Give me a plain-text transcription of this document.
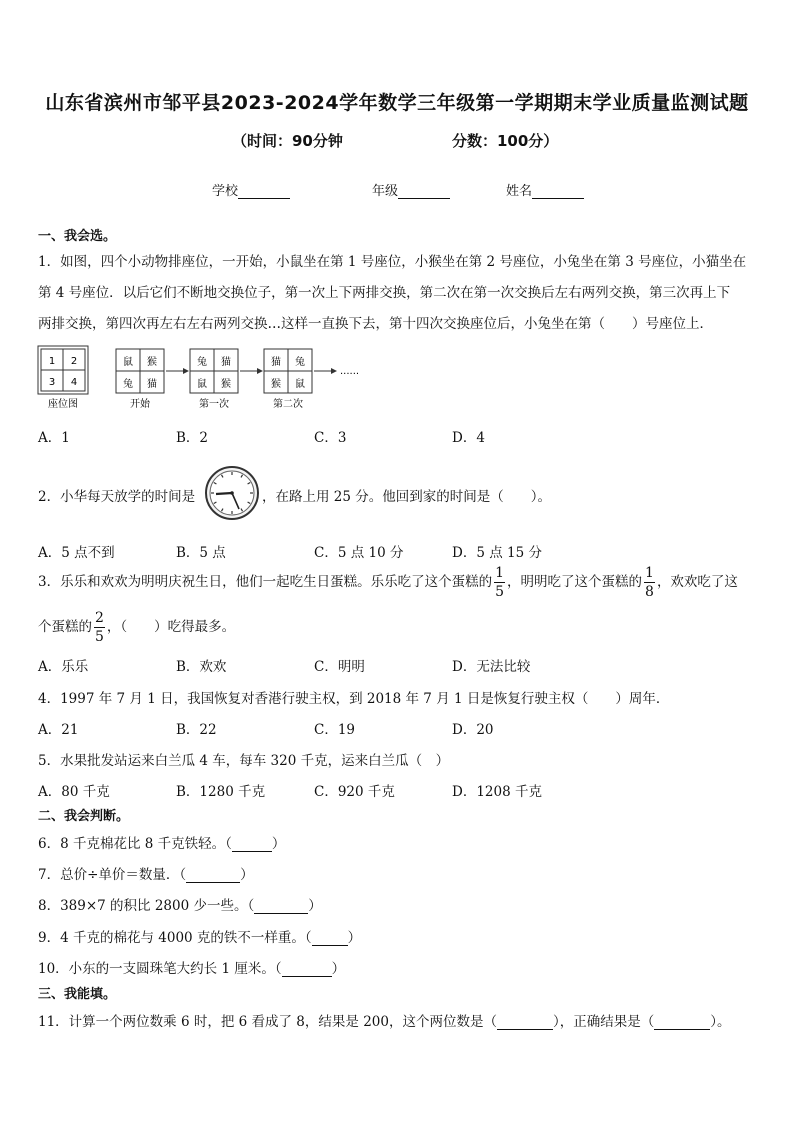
山东省滨州市邹平县2023-2024学年数学三年级第一学期期末学业质量监测试题
（时间：90分钟	分数：100分）
学校	年级	姓名
一、我会选。
1．如图，四个小动物排座位，一开始，小鼠坐在第 1 号座位，小猴坐在第 2 号座位，小兔坐在第 3 号座位，小猫坐在
第 4 号座位．以后它们不断地交换位子，第一次上下两排交换，第二次在第一次交换后左右两列交换，第三次再上下
两排交换，第四次再左右左右两列交换…这样一直换下去，第十四次交换座位后，小兔坐在第（　　）号座位上．
1 2
3 4
座位图
鼠 猴
兔 猫
开始
兔 猫
鼠 猴
第一次
猫 兔
猴 鼠
第二次
......
A．1	B．2	C．3	D．4
2．小华每天放学的时间是	，在路上用 25 分。他回到家的时间是（　　）。
A．5 点不到	B．5 点	C．5 点 10 分	D．5 点 15 分
3．乐乐和欢欢为明明庆祝生日，他们一起吃生日蛋糕。乐乐吃了这个蛋糕的 $\frac{1}{5}$ ，明明吃了这个蛋糕的 $\frac{1}{8}$ ，欢欢吃了这
个蛋糕的 $\frac{2}{5}$ ，（　　）吃得最多。
A．乐乐	B．欢欢	C．明明	D．无法比较
4．1997 年 7 月 1 日，我国恢复对香港行驶主权，到 2018 年 7 月 1 日是恢复行驶主权（　　）周年．
A．21	B．22	C．19	D．20
5．水果批发站运来白兰瓜 4 车，每车 320 千克，运来白兰瓜（　）
A．80 千克	B．1280 千克	C．920 千克	D．1208 千克
二、我会判断。
6．8 千克棉花比 8 千克铁轻。（	）
7．总价÷单价＝数量．（	）
8．389×7 的积比 2800 少一些。（	）
9．4 千克的棉花与 4000 克的铁不一样重。（	）
10．小东的一支圆珠笔大约长 1 厘米。（	）
三、我能填。
11．计算一个两位数乘 6 时，把 6 看成了 8，结果是 200，这个两位数是（	），正确结果是（	）。
